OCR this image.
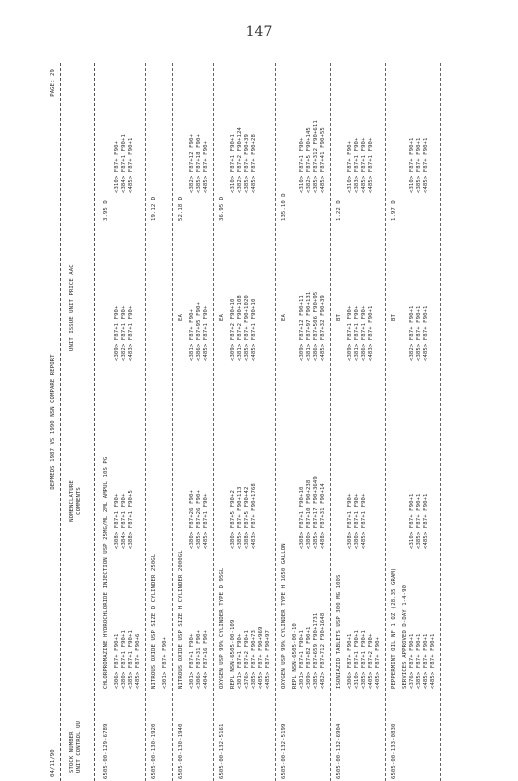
147
04/11/90
DEPMEDS 1987 VS 1990 NSN COMPARE REPORT
PAGE: 29
STOCK NUMBER UNIT CONTROL UU
NOMENCLATURE COMMENTS
UNIT ISSUE UNIT PRICE AAC
6505-00-129-6789
CHLORPROMAZINE HYDROCHLORIDE INJECTION USP 25MG/ML 2ML AMPUL 10S PG
3.95 D
<306> F87+ F90+1
<308> F87+1 F90+
<309> F87+1 F90+
<310> F87+ F90+
<380> F87+1 F90+1
<384> F87+1 F90+
<382> F87+1 F90+
<384> F87+1 F90+1
<385> F87+1 F90+1
<388> F87+1 F90+5
<483> F87+1 F90+
<485> F87+ F90+1
<485> F87+ F90+6
6505-00-130-1920
NITROUS OXIDE USP SIZE D CYLINDER 250GL
19.12 D
<301> F87+ F90+
6505-00-130-1940
NITROUS OXIDE USP SIZE H CYLINDER 2000GL
EA
52.18 D
<301> F87+1 F90+
<380> F87+26 F90+
<381> F87+ F90+
<382> F87+12 F90+
<306> F87+31 F90+
<385> F87+26 F90+
<386> F87+95 F90+
<385> F87+18 F90+
<404> F87+16 F90+
<485> F87+1 F90+
<485> F87+1 F90+
<485> F87+ F90+
6505-00-132-5161
OXYGEN USP 99% CYLINDER TYPE D 95GL
EA
36.95 D
REPL NSN-6505-00-109
<380> F87+5 F90+2
<309> F87+2 F90+10
<310> F87+1 F90+1
<301> F87+1 F90+
<385> F87+ F90+113
<381> F87+2 F90+108
<382> F87+2 F90+124
<376> F87+2 F90+1
<388> F87+5 F90+42
<385> F87+ F90+1020
<385> F87+ F90+39
<385> F87+ F90+73
<483> F87+ F90+1768
<485> F87+1 F90+10
<485> F87+ F90+28
<405> F87+ F90+969 <485> F87+ F90+97
6505-00-132-5199
OXYGEN USP 99% CYLINDER TYPE H 1650 GALLON
EA
135.10 D
REPL NSN-6505-00-10 <301> F87+1 F90+1
<308> F87+1 F90+10
<309> F87+12 F90+11
<310> F87+1 F90+
<309> F87+82 F90+1
<380> F87+10 F90+238
<381> F87+97 F90+131
<382> F87+5 F90+145
<385> F87+659 F90+1731
<385> F87+17 F90+3649
<386> F87+506 F90+95
<385> F87+312 F90+611
<482> F87+712 F90+1648
<488> F87+31 F90+14
<485> F87+32 F90+39
<485> F87+41 F90+55
6505-00-132-6904
ISONIAZID TABLETS USP 300 MG 100S
BT
1.22 D
<306> F87+ F90+1
<308> F87+1 F90+
<309> F87+1 F90+
<310> F87+ F90+
<310> F87+1 F90+1
<380> F87+1 F90+
<381> F87+1 F90+
<383> F87+1 F90+
<385> F87+1 F90+1
<485> F87+1 F90+
<386> F87+1 F90+
<485> F87+1 F90+
<405> F87+2 F90+
<483> F87+ F90+1
<485> F87+1 F90+
<405> F87+ F90+
6505-00-133-0830
PEPPERMINT OIL NF 1 OZ (28.35 GRAM)
BT
1.97 D
SERVICES APPROVED D-DAY 1-4-90 <376> F87+ F90+1
<310> F87+ F90+1
<382> F87+ F90+1
<310> F87+ F90+1
<385> F87+ F90+1
<385> F87+ F90+1
<385> F87+ F90+1
<385> F87+ F90+1
<485> F87+ F90+1
<485> F87+ F90+1
<485> F87+ F90+1
<485> F87+ F90+1
<485> F87+ F90+1
